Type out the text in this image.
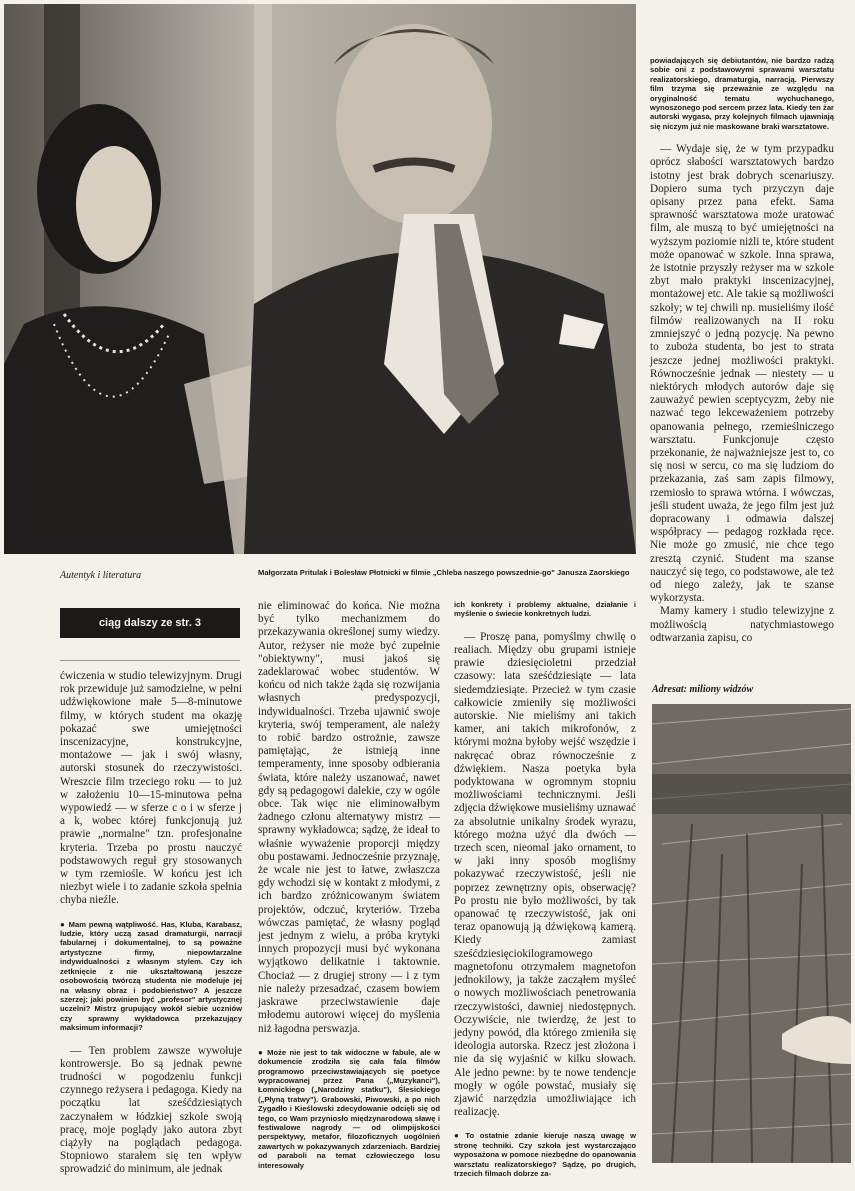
Autentyk i literatura	Małgorzata Pritulak i Bolesław Płotnicki w filmie „Chleba naszego powszednie-go" Janusza Zaorskiego
ciąg dalszy ze str. 3

powiadających się debiutantów, nie bardzo radzą sobie oni z podstawowymi sprawami warsztatu realizatorskiego, dramaturgią, narracją. Pierwszy film trzyma się przeważnie ze względu na oryginalność tematu wychuchanego, wynoszonego pod sercem przez lata. Kiedy ten żar autorski wygasa, przy kolejnych filmach ujawniają się niczym już nie maskowane braki warsztatowe.

— Wydaje się, że w tym przypadku oprócz słabości warsztatowych bardzo istotny jest brak dobrych scenariuszy. Dopiero suma tych przyczyn daje opisany przez pana efekt. Sama sprawność warsztatowa może uratować film, ale muszą to być umiejętności na wyższym poziomie niżli te, które student może opanować w szkole. Inna sprawa, że istotnie przyszły reżyser ma w szkole zbyt mało praktyki inscenizacyjnej, montażowej etc. Ale takie są możliwości szkoły; w tej chwili np. musieliśmy ilość filmów realizowanych na II roku zmniejszyć o jedną pozycję. Na pewno to zuboża studenta, bo jest to strata jeszcze jednej możliwości praktyki. Równocześnie jednak — niestety — u niektórych młodych autorów daje się zauważyć pewien sceptycyzm, żeby nie nazwać tego lekceważeniem potrzeby opanowania pełnego, rzemieślniczego warsztatu. Funkcjonuje często przekonanie, że najważniejsze jest to, co się nosi w sercu, co ma się ludziom do przekazania, zaś sam zapis filmowy, rzemiosło to sprawa wtórna. I wówczas, jeśli student uważa, że jego film jest już dopracowany i odmawia dalszej współpracy — pedagog rozkłada ręce. Nie może go zmusić, nie chce tego zresztą czynić. Student ma szanse nauczyć się tego, co podstawowe, ale też od niego zależy, jak te szanse wykorzysta.

Mamy kamery i studio telewizyjne z możliwością natychmiastowego odtwarzania zapisu, co

Adresat: miliony widzów

ćwiczenia w studio telewizyjnym. Drugi rok przewiduje już samodzielne, w pełni udźwiękowione małe 5—8-minutowe filmy, w których student ma okazję pokazać swe umiejętności inscenizacyjne, konstrukcyjne, montażowe — jak i swój własny, autorski stosunek do rzeczywistości. Wreszcie film trzeciego roku — to już w założeniu 10—15-minutowa pełna wypowiedź — w sferze c o i w sferze j a k, wobec której funkcjonują już prawie „normalne" tzn. profesjonalne kryteria. Trzeba po prostu nauczyć podstawowych reguł gry stosowanych w tym rzemiośle. W końcu jest ich niezbyt wiele i to zadanie szkoła spełnia chyba nieźle.

● Mam pewną wątpliwość. Has, Kluba, Karabasz, ludzie, który uczą zasad dramaturgii, narracji fabularnej i dokumentalnej, to są poważne artystyczne firmy, niepowtarzalne indywidualności z własnym stylem. Czy ich zetknięcie z nie ukształtowaną jeszcze osobowością twórczą studenta nie modeluje jej na własny obraz i podobieństwo? A jeszcze szerzej: jaki powinien być „profesor" artystycznej uczelni? Mistrz grupujący wokół siebie uczniów czy sprawny wykładowca przekazujący maksimum informacji?

— Ten problem zawsze wywołuje kontrowersje. Bo są jednak pewne trudności w pogodzeniu funkcji czynnego reżysera i pedagoga. Kiedy na początku lat sześćdziesiątych zaczynałem w łódzkiej szkole swoją pracę, moje poglądy jako autora zbyt ciążyły na poglądach pedagoga. Stopniowo starałem się ten wpływ sprowadzić do minimum, ale jednak

nie eliminować do końca. Nie można być tylko mechanizmem do przekazywania określonej sumy wiedzy. Autor, reżyser nie może być zupełnie "obiektywny", musi jakoś się zadeklarować wobec studentów. W końcu od nich także żąda się rozwijania własnych predyspozycji, indywidualności. Trzeba ujawnić swoje kryteria, swój temperament, ale należy to robić bardzo ostrożnie, zawsze pamiętając, że istnieją inne temperamenty, inne sposoby odbierania świata, które należy uszanować, nawet gdy są pedagogowi dalekie, czy w ogóle obce. Tak więc nie eliminowałbym żadnego członu alternatywy mistrz — sprawny wykładowca; sądzę, że ideał to właśnie wyważenie proporcji między obu postawami. Jednocześnie przyznaję, że wcale nie jest to łatwe, zwłaszcza gdy wchodzi się w kontakt z młodymi, z ich bardzo zróżnicowanym światem projektów, odczuć, kryteriów. Trzeba wówczas pamiętać, że własny pogląd jest jednym z wielu, a próba krytyki innych propozycji musi być wykonana wyjątkowo delikatnie i taktownie. Chociaż — z drugiej strony — i z tym nie należy przesadzać, czasem bowiem jaskrawe przeciwstawienie daje młodemu autorowi więcej do myślenia niż łagodna perswazja.

● Może nie jest to tak widoczne w fabule, ale w dokumencie zrodziła się cała fala filmów programowo przeciwstawiających się poetyce wypracowanej przez Pana („Muzykanci"), Łomnickiego („Narodziny statku"), Ślesickiego („Płyną tratwy"). Grabowski, Piwowski, a po nich Zygadło i Kieślowski zdecydowanie odcięli się od tego, co Wam przyniosło międzynarodową sławę i festiwalowe nagrody — od olimpijskości perspektywy, metafor, filozoficznych uogólnień zawartych w pokazywanych zdarzeniach. Bardziej od paraboli na temat człowieczego losu interesowały

ich konkrety i problemy aktualne, działanie i myślenie o świecie konkretnych ludzi.

— Proszę pana, pomyślmy chwilę o realiach. Między obu grupami istnieje prawie dziesięcioletni przedział czasowy: lata sześćdziesiąte — lata siedemdziesiąte. Przecież w tym czasie całkowicie zmieniły się możliwości autorskie. Nie mieliśmy ani takich kamer, ani takich mikrofonów, z którymi można byłoby wejść wszędzie i nakręcać obraz równocześnie z dźwiękiem. Nasza poetyka była podyktowana w ogromnym stopniu możliwościami technicznymi. Jeśli zdjęcia dźwiękowe musieliśmy uznawać za absolutnie unikalny środek wyrazu, którego można użyć dla dwóch — trzech scen, nieomal jako ornament, to w jaki inny sposób mogliśmy pokazywać rzeczywistość, jeśli nie poprzez zewnętrzny opis, obserwację? Po prostu nie było możliwości, by tak opanować tę rzeczywistość, jak oni teraz opanowują ją dźwiękową kamerą. Kiedy zamiast sześćdziesięciokilogramowego magnetofonu otrzymałem magnetofon jednokilowy, ja także zacząłem myśleć o nowych możliwościach penetrowania rzeczywistości, dawniej niedostępnych. Oczywiście, nie twierdzę, że jest to jedyny powód, dla którego zmieniła się ideologia autorska. Rzecz jest złożona i nie da się wyjaśnić w kilku słowach. Ale jedno pewne: by te nowe tendencje mogły w ogóle powstać, musiały się zjawić narzędzia umożliwiające ich realizację.

● To ostatnie zdanie kieruje naszą uwagę w stronę techniki. Czy szkoła jest wystarczająco wyposażona w pomoce niezbędne do opanowania warsztatu realizatorskiego? Sądzę, po drugich, trzecich filmach dobrze za-
